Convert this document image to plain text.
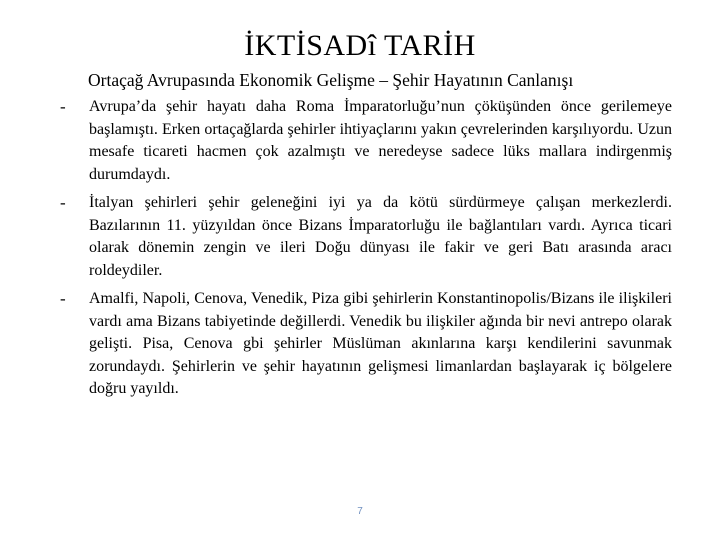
İKTİSADî TARİH
Ortaçağ Avrupasında Ekonomik Gelişme – Şehir Hayatının Canlanışı
-	Avrupa’da şehir hayatı daha Roma İmparatorluğu’nun çöküşünden önce gerilemeye başlamıştı. Erken ortaçağlarda şehirler ihtiyaçlarını yakın çevrelerinden karşılıyordu. Uzun mesafe ticareti hacmen çok azalmıştı ve neredeyse sadece lüks mallara indirgenmiş durumdaydı.
-	İtalyan şehirleri şehir geleneğini iyi ya da kötü sürdürmeye çalışan merkezlerdi. Bazılarının 11. yüzyıldan önce Bizans İmparatorluğu ile bağlantıları vardı. Ayrıca ticari olarak dönemin zengin ve ileri Doğu dünyası ile fakir ve geri Batı arasında aracı roldeydiler.
-	Amalfi, Napoli, Cenova, Venedik, Piza gibi şehirlerin Konstantinopolis/Bizans ile ilişkileri vardı ama Bizans tabiyetinde değillerdi. Venedik bu ilişkiler ağında bir nevi antrepo olarak gelişti. Pisa, Cenova gbi şehirler Müslüman akınlarına karşı kendilerini savunmak zorundaydı. Şehirlerin ve şehir hayatının gelişmesi limanlardan başlayarak iç bölgelere doğru yayıldı.
7
